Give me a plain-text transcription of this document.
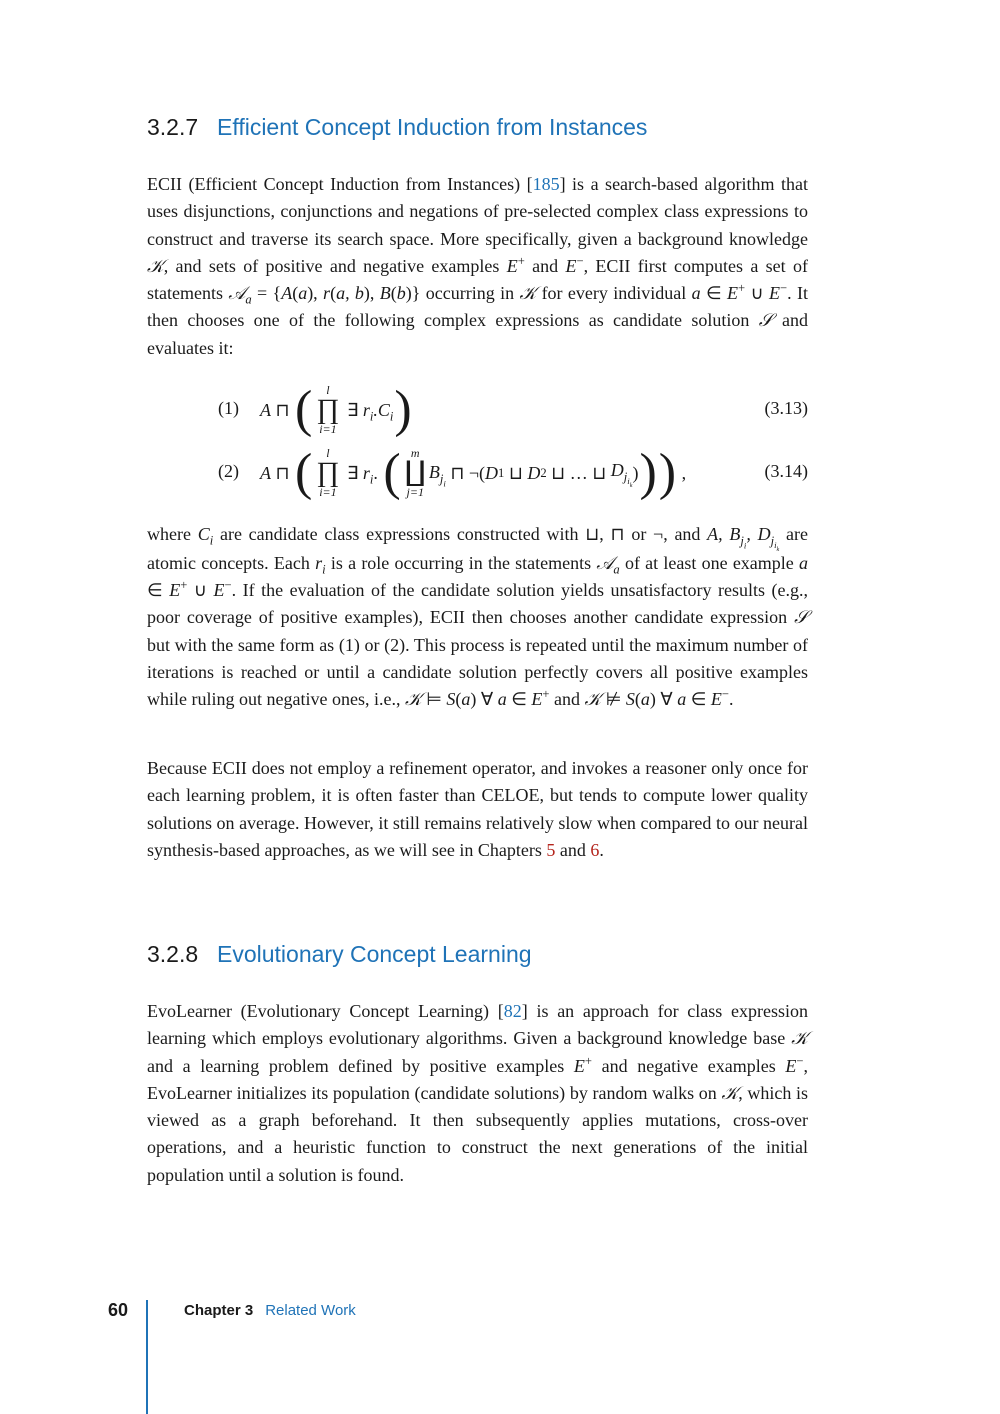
3.2.7 Efficient Concept Induction from Instances

ECII (Efficient Concept Induction from Instances) [185] is a search-based algorithm that uses disjunctions, conjunctions and negations of pre-selected complex class expressions to construct and traverse its search space. More specifically, given a background knowledge 𝒦, and sets of positive and negative examples E+ and E−, ECII first computes a set of statements 𝒜$_a$ = {A(a), r(a, b), B(b)} occurring in 𝒦 for every individual a ∈ E+ ∪ E−. It then chooses one of the following complex expressions as candidate solution 𝒮 and evaluates it:

(1) A ⊓ ( l
∏
i=1
∃ $r_i.C_i$ )	(3.13)
(2) A ⊓ ( l
∏
i=1
∃ $r_i$ . ( m
∐
j=1
$B_{j_i}$
⊓ ¬( D 1 ⊔ D 2 ⊔ … ⊔ $D_{j_{i_k}}$
) ) ) ,	(3.14)

where $C_i$ are candidate class expressions constructed with ⊔, ⊓ or ¬, and A, $B_{j_i}$, $D_{j_{i_k}}$ are atomic concepts. Each $r_i$ is a role occurring in the statements 𝒜$_a$ of at least one example a ∈ E+ ∪ E−. If the evaluation of the candidate solution yields unsatisfactory results (e.g., poor coverage of positive examples), ECII then chooses another candidate expression 𝒮 but with the same form as (1) or (2). This process is repeated until the maximum number of iterations is reached or until a candidate solution perfectly covers all positive examples while ruling out negative ones, i.e., 𝒦 ⊨ S(a) ∀ a ∈ E+ and 𝒦 ⊭ S(a) ∀ a ∈ E−.

Because ECII does not employ a refinement operator, and invokes a reasoner only once for each learning problem, it is often faster than CELOE, but tends to compute lower quality solutions on average. However, it still remains relatively slow when compared to our neural synthesis-based approaches, as we will see in Chapters 5 and 6.

3.2.8 Evolutionary Concept Learning

EvoLearner (Evolutionary Concept Learning) [82] is an approach for class expression learning which employs evolutionary algorithms. Given a background knowledge base 𝒦 and a learning problem defined by positive examples E+ and negative examples E−, EvoLearner initializes its population (candidate solutions) by random walks on 𝒦, which is viewed as a graph beforehand. It then subsequently applies mutations, cross-over operations, and a heuristic function to construct the next generations of the initial population until a solution is found.

60	Chapter 3 Related Work
